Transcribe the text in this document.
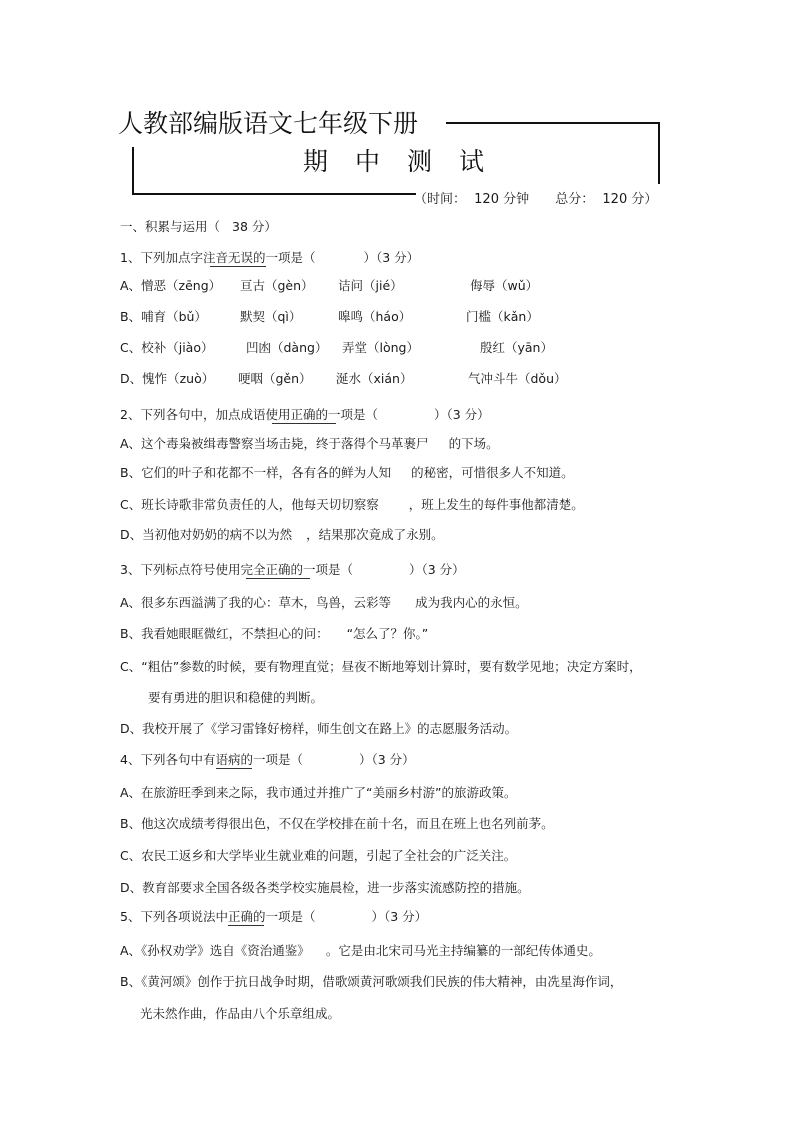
人教部编版语文七年级下册
期中测试
（时间： 120 分钟 总分： 120 分）
一、积累与运用（ 38 分）
1、下列加点字注音无误的一项是（	）（3 分）
A、憎恶（zēng） 亘古（gèn） 诘问（jié）	侮辱（wǔ）
B、哺育（bǔ）	默契（qì）	嗥鸣（háo）	门槛（kǎn）
C、校补（jiào）	凹凼（dàng） 弄堂（lòng）	殷红（yān）
D、愧怍（zuò） 哽咽（gěn） 涎水（xián）	气冲斗牛（dǒu）
2、下列各句中，加点成语使用正确的一项是（	）（3 分）
A、这个毒枭被缉毒警察当场击毙，终于落得个马革裹尸 的下场。
B、它们的叶子和花都不一样，各有各的鲜为人知 的秘密，可惜很多人不知道。
C、班长诗歌非常负责任的人，他每天切切察察 ，班上发生的每件事他都清楚。
D、当初他对奶奶的病不以为然 ，结果那次竟成了永别。
3、下列标点符号使用完全正确的一项是（	）（3 分）
A、很多东西溢满了我的心：草木，鸟兽，云彩等 成为我内心的永恒。
B、我看她眼眶微红，不禁担心的问： “怎么了？你。”
C、“粗估”参数的时候，要有物理直觉；昼夜不断地筹划计算时，要有数学见地；决定方案时，
要有勇进的胆识和稳健的判断。
D、我校开展了《学习雷锋好榜样，师生创文在路上》的志愿服务活动。
4、下列各句中有语病的一项是（	）（3 分）
A、在旅游旺季到来之际，我市通过并推广了“美丽乡村游”的旅游政策。
B、他这次成绩考得很出色，不仅在学校排在前十名，而且在班上也名列前茅。
C、农民工返乡和大学毕业生就业难的问题，引起了全社会的广泛关注。
D、教育部要求全国各级各类学校实施晨检，进一步落实流感防控的措施。
5、下列各项说法中正确的一项是（	）（3 分）
A、《孙权劝学》选自《资治通鉴》 。它是由北宋司马光主持编纂的一部纪传体通史。
B、《黄河颂》创作于抗日战争时期，借歌颂黄河歌颂我们民族的伟大精神，由冼星海作词，
光未然作曲，作品由八个乐章组成。
